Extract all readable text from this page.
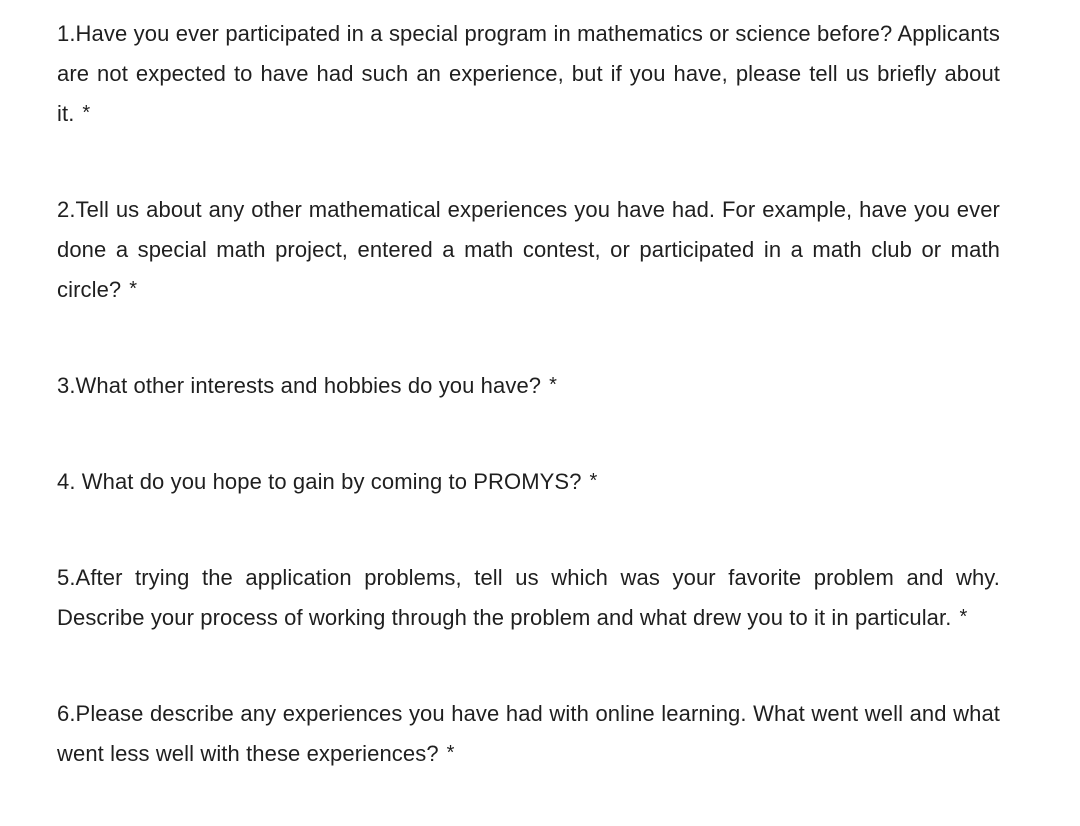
1.Have you ever participated in a special program in mathematics or science before? Applicants are not expected to have had such an experience, but if you have, please tell us briefly about it. *

2.Tell us about any other mathematical experiences you have had. For example, have you ever done a special math project, entered a math contest, or participated in a math club or math circle? *

3.What other interests and hobbies do you have? *

4. What do you hope to gain by coming to PROMYS? *

5.After trying the application problems, tell us which was your favorite problem and why. Describe your process of working through the problem and what drew you to it in particular. *

6.Please describe any experiences you have had with online learning. What went well and what went less well with these experiences? *
